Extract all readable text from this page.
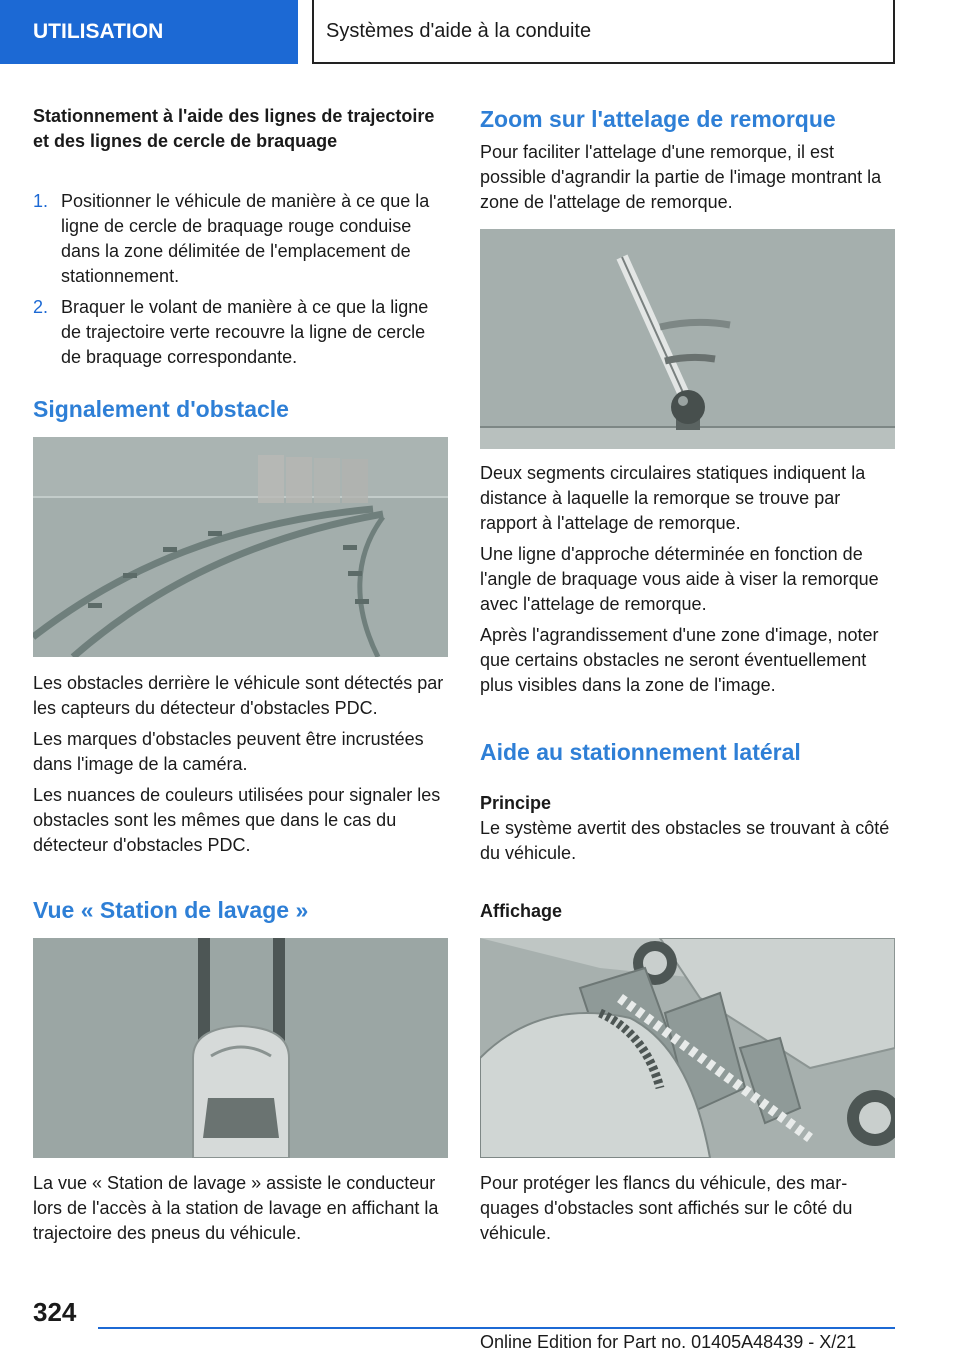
UTILISATION	Systèmes d'aide à la conduite
Stationnement à l'aide des lignes de trajectoire et des lignes de cercle de braquage
1. Positionner le véhicule de manière à ce que la ligne de cercle de braquage rouge conduise dans la zone délimitée de l'emplacement de stationnement.
2. Braquer le volant de manière à ce que la ligne de trajectoire verte recouvre la ligne de cercle de braquage correspondante.
Signalement d'obstacle

Les obstacles derrière le véhicule sont détectés par les capteurs du détecteur d'obstacles PDC.

Les marques d'obstacles peuvent être incrustées dans l'image de la caméra.

Les nuances de couleurs utilisées pour signaler les obstacles sont les mêmes que dans le cas du détecteur d'obstacles PDC.

Vue « Station de lavage »

La vue « Station de lavage » assiste le conducteur lors de l'accès à la station de lavage en affichant la trajectoire des pneus du véhicule.

Zoom sur l'attelage de remorque

Pour faciliter l'attelage d'une remorque, il est possible d'agrandir la partie de l'image montrant la zone de l'attelage de remorque.

Deux segments circulaires statiques indiquent la distance à laquelle la remorque se trouve par rapport à l'attelage de remorque.

Une ligne d'approche déterminée en fonction de l'angle de braquage vous aide à viser la remorque avec l'attelage de remorque.

Après l'agrandissement d'une zone d'image, noter que certains obstacles ne seront éventuellement plus visibles dans la zone de l'image.

Aide au stationnement latéral
Principe

Le système avertit des obstacles se trouvant à côté du véhicule.

Affichage

Pour protéger les flancs du véhicule, des marquages d'obstacles sont affichés sur le côté du véhicule.

324
Online Edition for Part no. 01405A48439 - X/21
